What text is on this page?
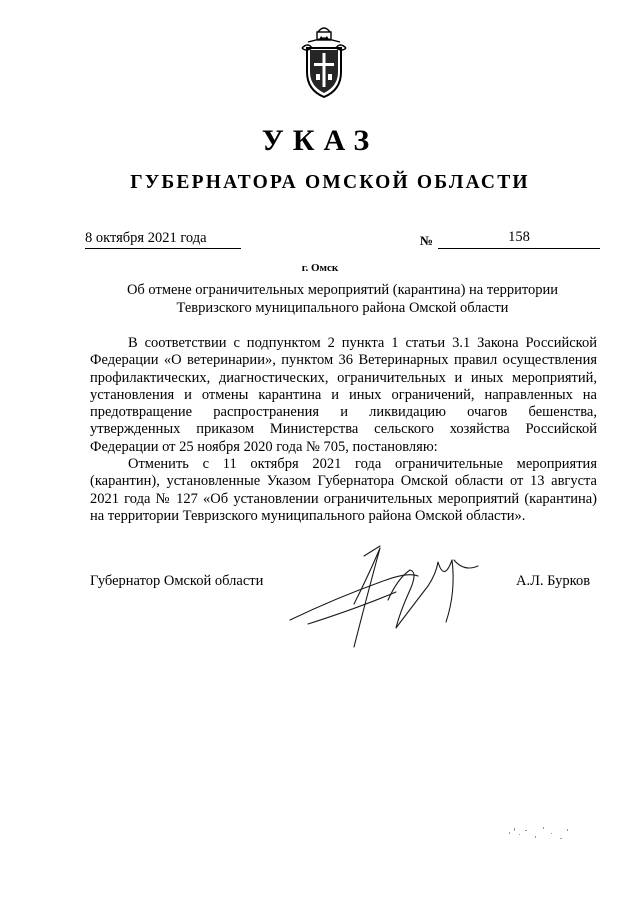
УКАЗ
ГУБЕРНАТОРА ОМСКОЙ ОБЛАСТИ
8 октября 2021 года	№	158
г. Омск
Об отмене ограничительных мероприятий (карантина) на территории
Тевризского муниципального района Омской области

В соответствии с подпунктом 2 пункта 1 статьи 3.1 Закона Российской Федерации «О ветеринарии», пунктом 36 Ветеринарных правил осуществления профилактических, диагностических, ограничительных и иных мероприятий, установления и отмены карантина и иных ограничений, направленных на предотвращение распространения и ликвидацию очагов бешенства, утвержденных приказом Министерства сельского хозяйства Российской Федерации от 25 ноября 2020 года № 705, постановляю:

Отменить с 11 октября 2021 года ограничительные мероприятия (карантин), установленные Указом Губернатора Омской области от 13 августа 2021 года № 127 «Об установлении ограничительных мероприятий (карантина) на территории Тевризского муниципального района Омской области».

Губернатор Омской области	А.Л. Бурков
